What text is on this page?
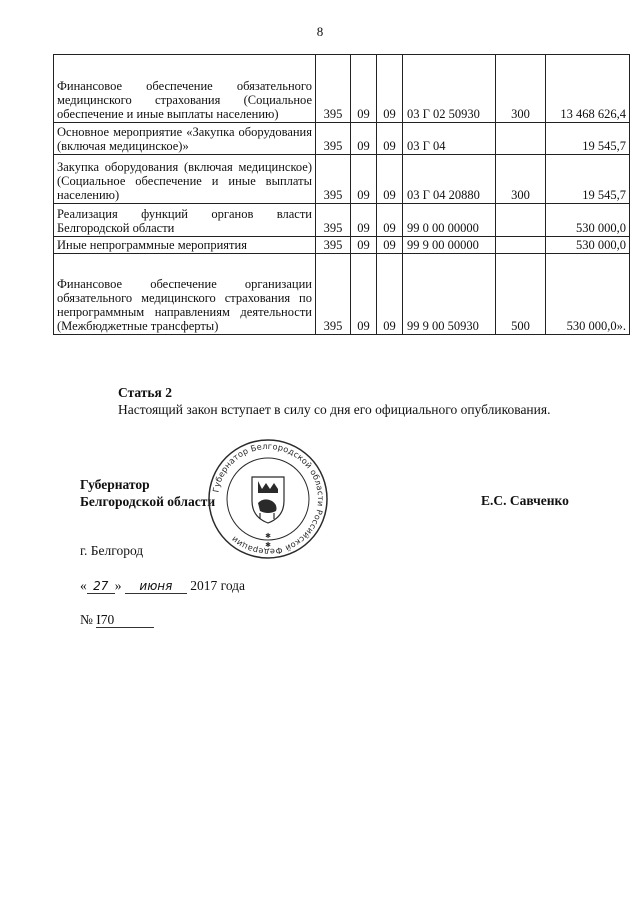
8
Финансовое обеспечение обязательного медицинского страхования (Социальное обеспечение и иные выплаты населению)	395	09	09	03 Г 02 50930	300	13 468 626,4
Основное мероприятие «Закупка оборудования (включая медицинское)»	395	09	09	03 Г 04		19 545,7
Закупка оборудования (включая медицинское) (Социальное обеспечение и иные выплаты населению)	395	09	09	03 Г 04 20880	300	19 545,7
Реализация функций органов власти Белгородской области	395	09	09	99 0 00 00000		530 000,0
Иные непрограммные мероприятия	395	09	09	99 9 00 00000		530 000,0
Финансовое обеспечение организации обязательного медицинского страхования по непрограммным направлениям деятельности (Межбюджетные трансферты)	395	09	09	99 9 00 50930	500	530 000,0».
Статья 2
Настоящий закон вступает в силу со дня его официального опубликования.
Губернатор
Белгородской области
Губернатор Белгородской области Российской Федерации	✱
✱
Е.С. Савченко
г. Белгород
« 27 » июня 2017 года
№ I70
